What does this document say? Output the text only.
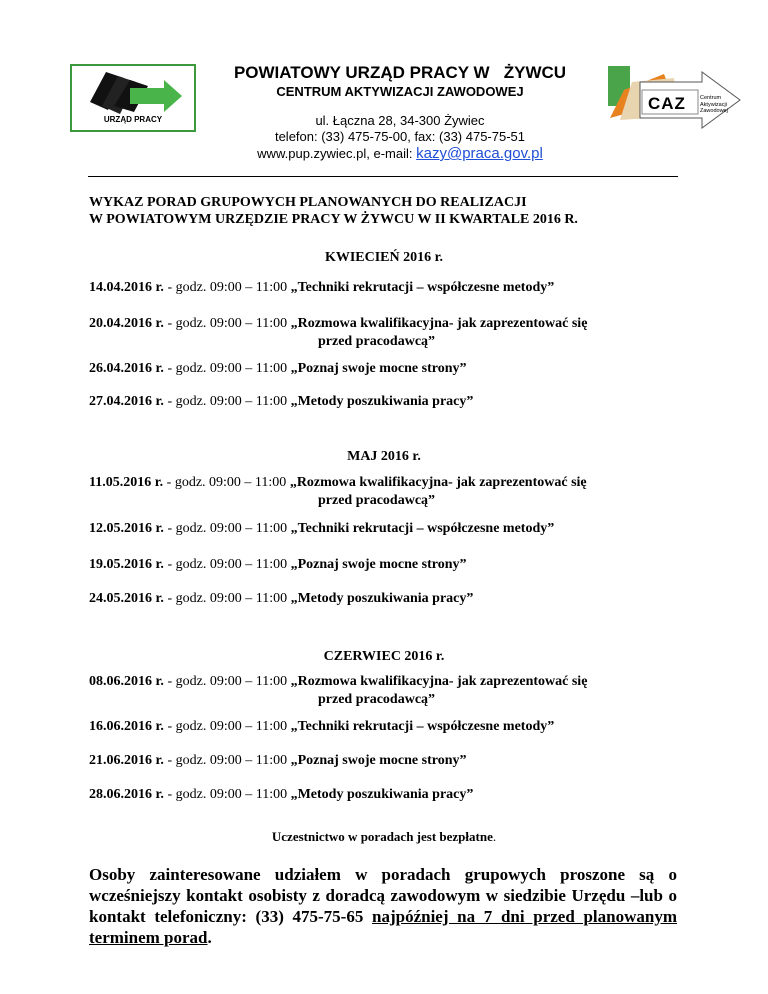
URZĄD PRACY
CAZ	Centrum
Aktywizacji
Zawodowej
POWIATOWY URZĄD PRACY W   ŻYWCU
CENTRUM AKTYWIZACJI ZAWODOWEJ
ul. Łączna 28, 34-300 Żywiec
telefon: (33) 475-75-00, fax: (33) 475-75-51
www.pup.zywiec.pl, e-mail: kazy@praca.gov.pl
WYKAZ PORAD GRUPOWYCH PLANOWANYCH DO REALIZACJI
W POWIATOWYM URZĘDZIE PRACY W ŻYWCU W II KWARTALE 2016 R.
KWIECIEŃ 2016 r.
MAJ 2016 r.
CZERWIEC 2016 r.
14.04.2016 r. - godz. 09:00 – 11:00 „Techniki rekrutacji – współczesne metody”
20.04.2016 r. - godz. 09:00 – 11:00 „Rozmowa kwalifikacyjna- jak zaprezentować się
przed pracodawcą”
26.04.2016 r. - godz. 09:00 – 11:00 „Poznaj swoje mocne strony”
27.04.2016 r. - godz. 09:00 – 11:00 „Metody poszukiwania pracy”
11.05.2016 r. - godz. 09:00 – 11:00 „Rozmowa kwalifikacyjna- jak zaprezentować się
przed pracodawcą”
12.05.2016 r. - godz. 09:00 – 11:00 „Techniki rekrutacji – współczesne metody”
19.05.2016 r. - godz. 09:00 – 11:00 „Poznaj swoje mocne strony”
24.05.2016 r. - godz. 09:00 – 11:00 „Metody poszukiwania pracy”
08.06.2016 r. - godz. 09:00 – 11:00 „Rozmowa kwalifikacyjna- jak zaprezentować się
przed pracodawcą”
16.06.2016 r. - godz. 09:00 – 11:00 „Techniki rekrutacji – współczesne metody”
21.06.2016 r. - godz. 09:00 – 11:00 „Poznaj swoje mocne strony”
28.06.2016 r. - godz. 09:00 – 11:00 „Metody poszukiwania pracy”
Uczestnictwo w poradach jest bezpłatne.
Osoby zainteresowane udziałem w poradach grupowych proszone są o wcześniejszy kontakt osobisty z doradcą zawodowym w siedzibie Urzędu –lub o kontakt telefoniczny: (33) 475-75-65 najpóźniej na 7 dni przed planowanym terminem porad.
